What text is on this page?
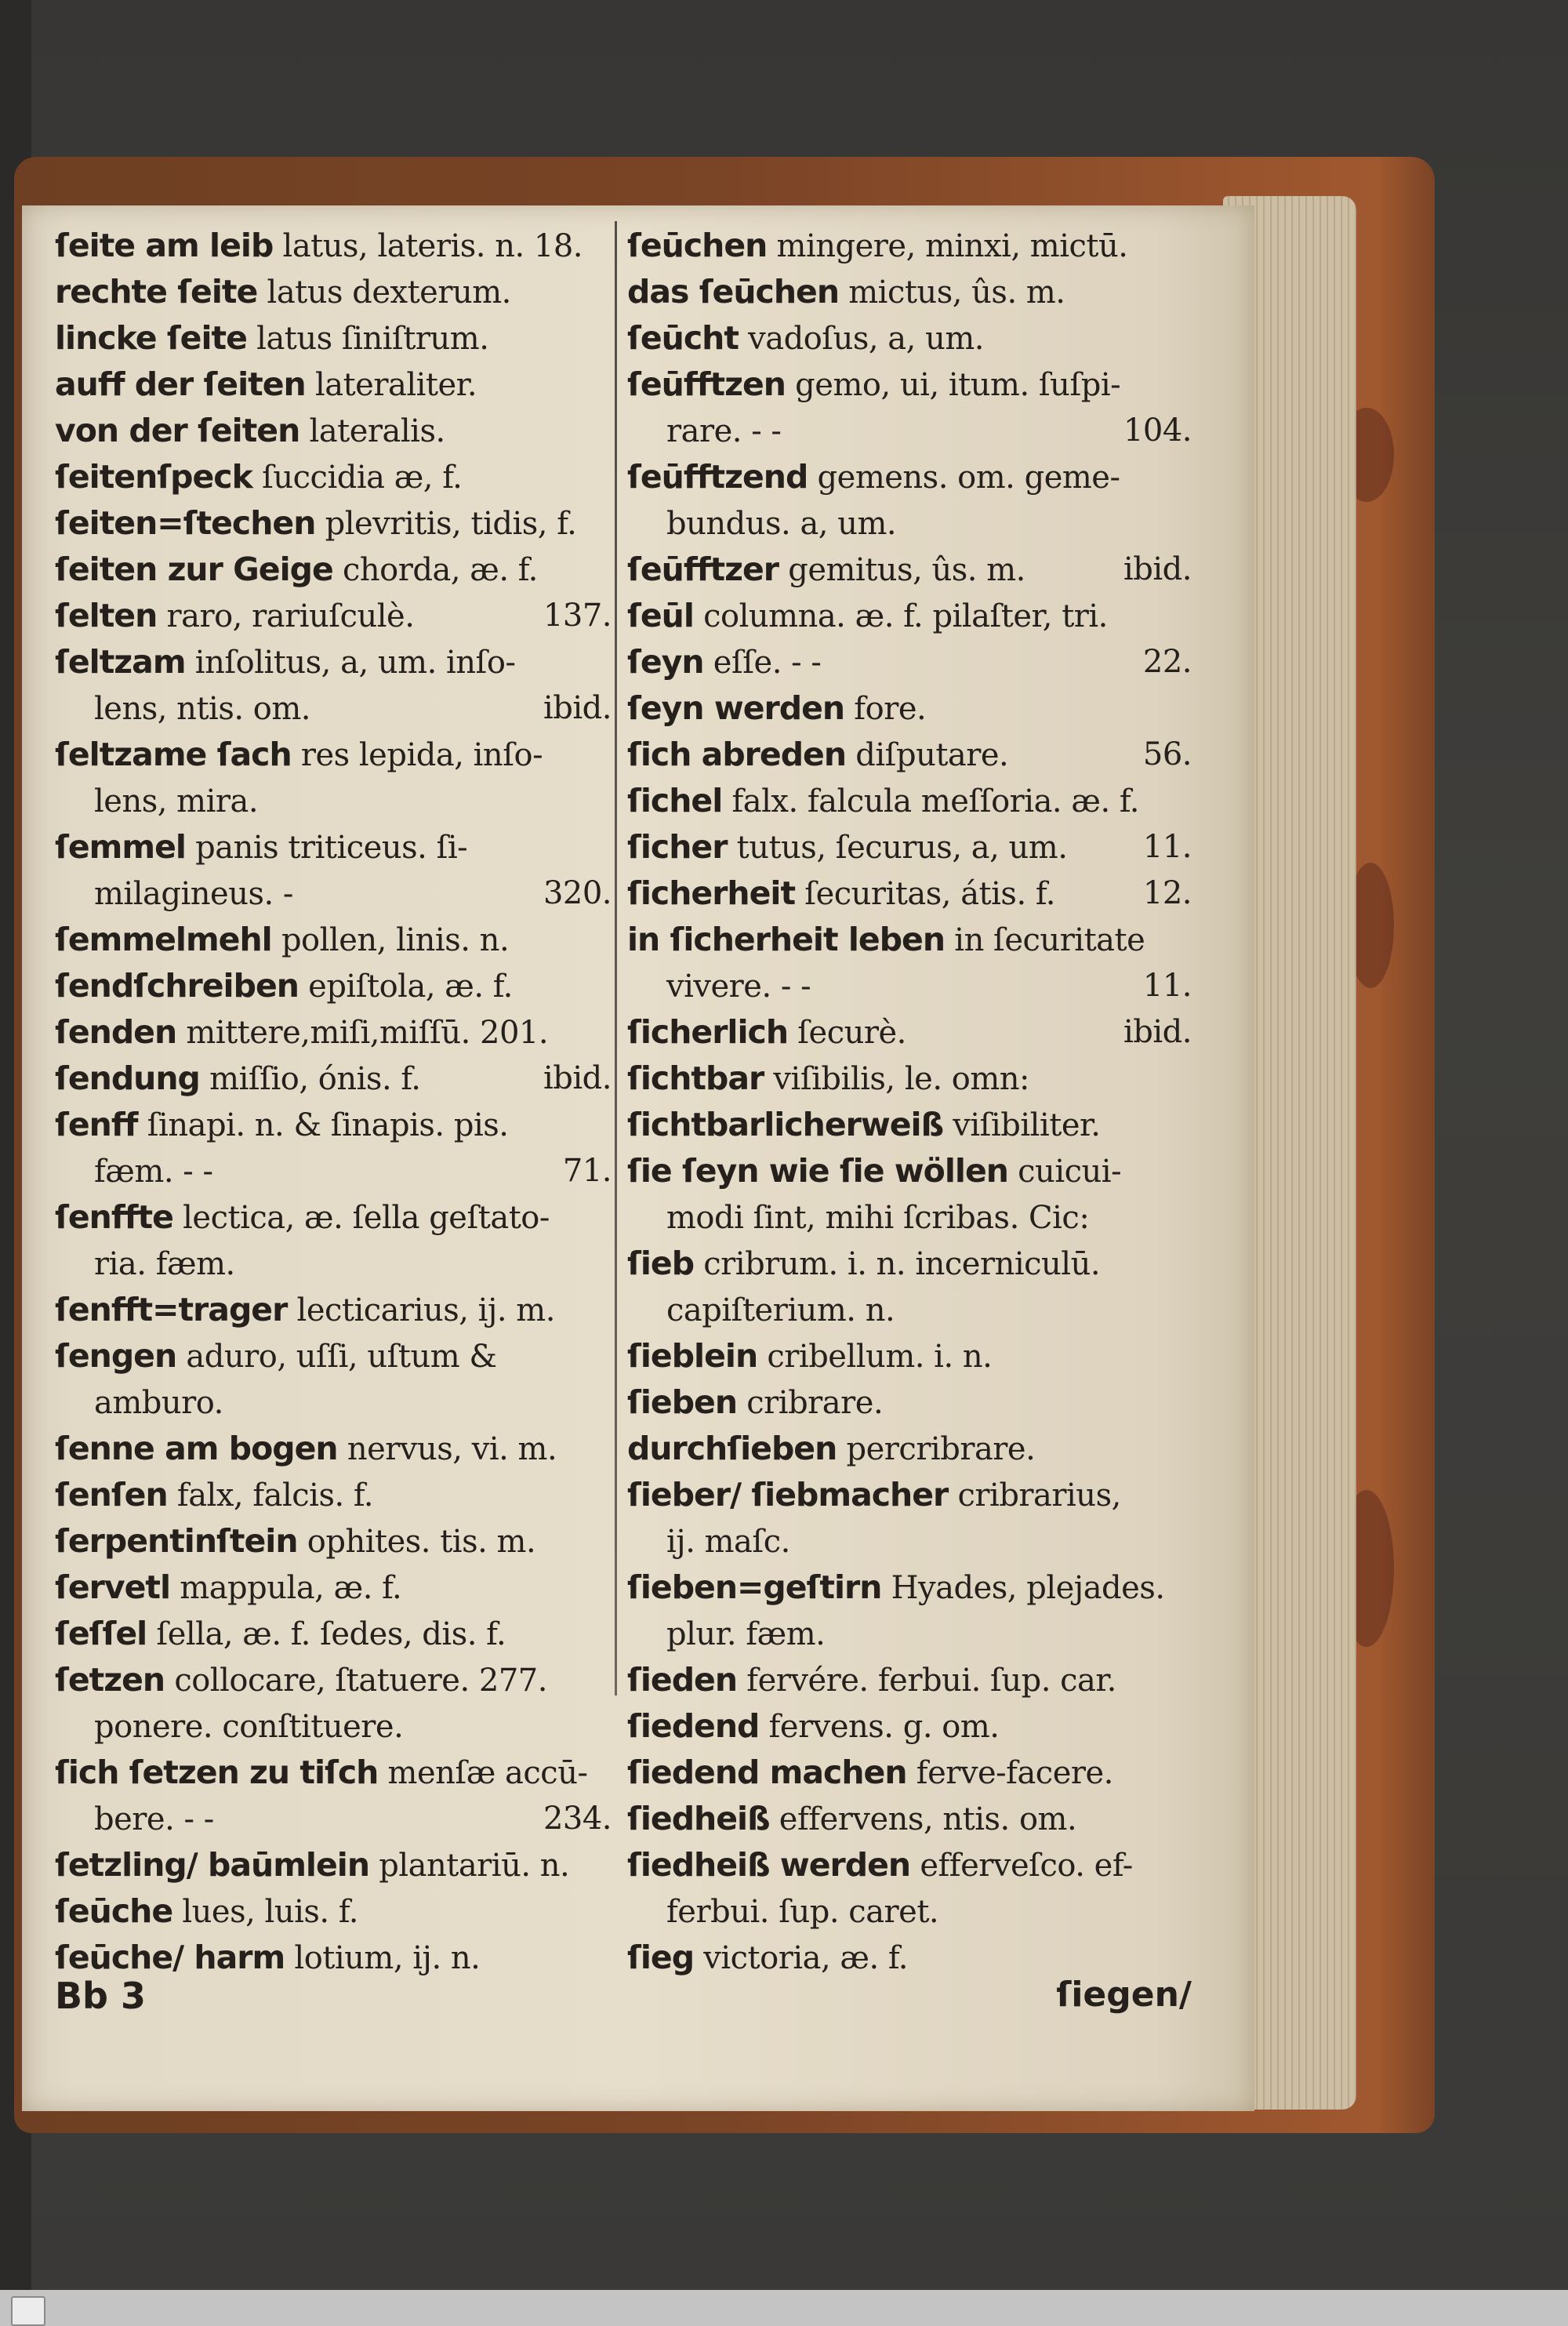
ſeite am leib latus, lateris. n. 18.
rechte ſeite latus dexterum.
lincke ſeite latus ſiniſtrum.
auff der ſeiten lateraliter.
von der ſeiten lateralis.
ſeitenſpeck ſuccidia æ, f.
ſeiten=ſtechen plevritis, tidis, f.
ſeiten zur Geige chorda, æ. f.
137.
ſelten raro, rariuſculè.
ſeltzam inſolitus, a, um. inſo-
ibid.
lens, ntis. om.
ſeltzame ſach res lepida, inſo-
lens, mira.
ſemmel panis triticeus. ſi-
320.
milagineus. -
ſemmelmehl pollen, linis. n.
ſendſchreiben epiſtola, æ. f.
ſenden mittere,miſi,miſſū. 201.
ibid.
ſendung miſſio, ónis. f.
ſenff ſinapi. n. & ſinapis. pis.
71.
fæm. - -
ſenffte lectica, æ. ſella geſtato-
ria. fæm.
ſenfft=trager lecticarius, ij. m.
ſengen aduro, uſſi, uſtum &
amburo.
ſenne am bogen nervus, vi. m.
ſenſen falx, falcis. f.
ſerpentinſtein ophites. tis. m.
ſervetl mappula, æ. f.
ſeſſel ſella, æ. f. ſedes, dis. f.
ſetzen collocare, ſtatuere. 277.
ponere. conſtituere.
ſich ſetzen zu tiſch menſæ accū-
234.
bere. - -
ſetzling/ baūmlein plantariū. n.
ſeūche lues, luis. f.
ſeūche/ harm lotium, ij. n.
ſeūchen mingere, minxi, mictū.
das ſeūchen mictus, ûs. m.
ſeūcht vadoſus, a, um.
ſeūfftzen gemo, ui, itum. ſuſpi-
104.
rare. - -
ſeūfftzend gemens. om. geme-
bundus. a, um.
ibid.
ſeūfftzer gemitus, ûs. m.
ſeūl columna. æ. f. pilaſter, tri.
22.
ſeyn eſſe. - -
ſeyn werden fore.
56.
ſich abreden diſputare.
ſichel falx. falcula meſſoria. æ. f.
11.
ſicher tutus, ſecurus, a, um.
12.
ſicherheit ſecuritas, átis. f.
in ſicherheit leben in ſecuritate
11.
vivere. - -
ibid.
ſicherlich ſecurè.
ſichtbar viſibilis, le. omn:
ſichtbarlicherweiß viſibiliter.
ſie ſeyn wie ſie wöllen cuicui-
modi ſint, mihi ſcribas. Cic:
ſieb cribrum. i. n. incerniculū.
capiſterium. n.
ſieblein cribellum. i. n.
ſieben cribrare.
durchſieben percribrare.
ſieber/ ſiebmacher cribrarius,
ij. maſc.
ſieben=geſtirn Hyades, plejades.
plur. fæm.
ſieden fervére. ferbui. ſup. car.
ſiedend fervens. g. om.
ſiedend machen ferve-facere.
ſiedheiß effervens, ntis. om.
ſiedheiß werden efferveſco. ef-
ferbui. ſup. caret.
ſieg victoria, æ. f.
Bb 3	ſiegen/
